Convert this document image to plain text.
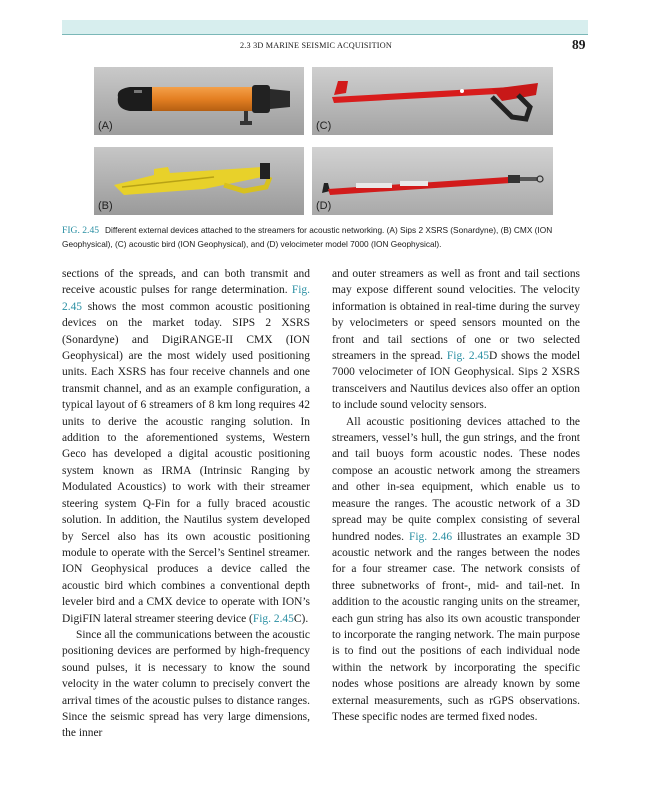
2.3 3D MARINE SEISMIC ACQUISITION	89
(A)	(C)
(B)	(D)
FIG. 2.45 Different external devices attached to the streamers for acoustic networking. (A) Sips 2 XSRS (Sonardyne), (B) CMX (ION Geophysical), (C) acoustic bird (ION Geophysical), and (D) velocimeter model 7000 (ION Geophysical).

sections of the spreads, and can both transmit and receive acoustic pulses for range determination. Fig. 2.45 shows the most common acoustic positioning devices on the market today. SIPS 2 XSRS (Sonardyne) and DigiRANGE-II CMX (ION Geophysical) are the most widely used positioning units. Each XSRS has four receive channels and one transmit channel, and as an example configuration, a typical layout of 6 streamers of 8 km long requires 42 units to derive the acoustic ranging solution. In addition to the aforementioned systems, Western Geco has developed a digital acoustic positioning system known as IRMA (Intrinsic Ranging by Modulated Acoustics) to work with their streamer steering system Q-Fin for a fully braced acoustic solution. In addition, the Nautilus system developed by Sercel also has its own acoustic positioning module to operate with the Sercel’s Sentinel streamer. ION Geophysical produces a device called the acoustic bird which combines a conventional depth leveler bird and a CMX device to operate with ION’s DigiFIN lateral streamer steering device (Fig. 2.45C).

Since all the communications between the acoustic positioning devices are performed by high-frequency sound pulses, it is necessary to know the sound velocity in the water column to precisely convert the arrival times of the acoustic pulses to distance ranges. Since the seismic spread has very large dimensions, the inner

and outer streamers as well as front and tail sections may expose different sound velocities. The velocity information is obtained in real-time during the survey by velocimeters or speed sensors mounted on the front and tail sections of one or two selected streamers in the spread. Fig. 2.45D shows the model 7000 velocimeter of ION Geophysical. Sips 2 XSRS transceivers and Nautilus devices also offer an option to include sound velocity sensors.

All acoustic positioning devices attached to the streamers, vessel’s hull, the gun strings, and the front and tail buoys form acoustic nodes. These nodes compose an acoustic network among the streamers and other in-sea equipment, which enable us to measure the ranges. The acoustic network of a 3D spread may be quite complex consisting of several hundred nodes. Fig. 2.46 illustrates an example 3D acoustic network and the ranges between the nodes for a four streamer case. The network consists of three subnetworks of front-, mid- and tail-net. In addition to the acoustic ranging units on the streamer, each gun string has also its own acoustic transponder to incorporate the ranging network. The main purpose is to find out the positions of each individual node within the network by incorporating the specific nodes whose positions are already known by some external measurements, such as rGPS observations. These specific nodes are termed fixed nodes.
